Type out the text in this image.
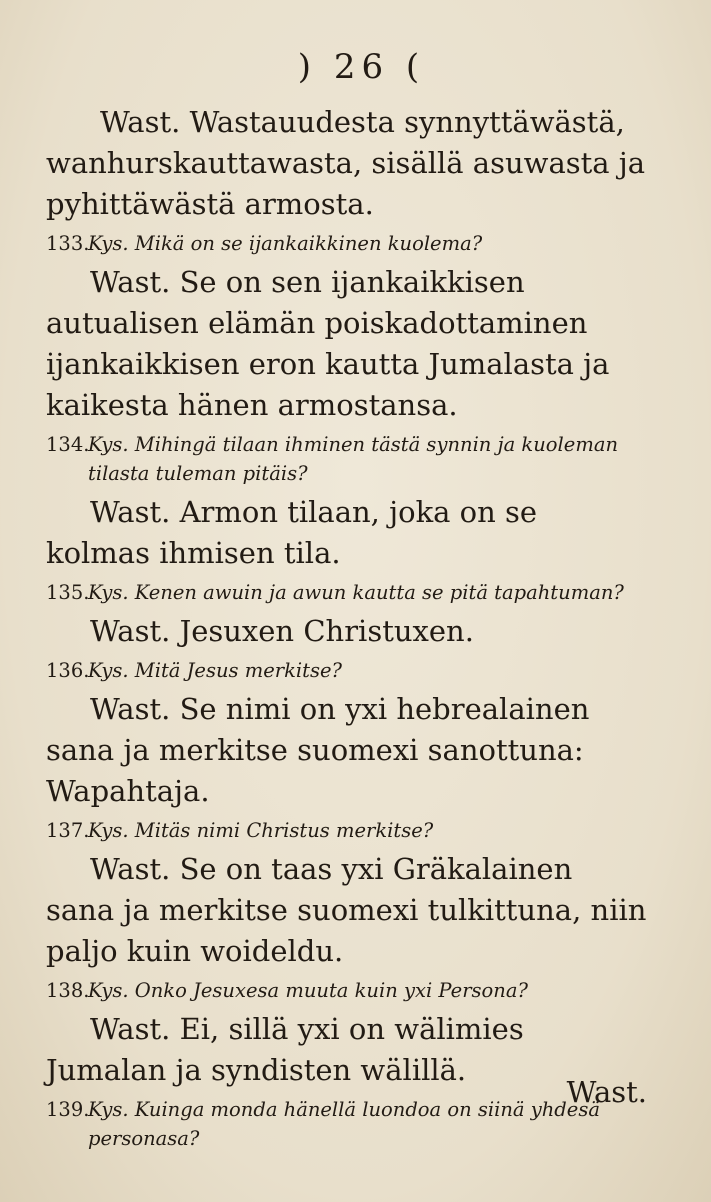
) 26 (
Wast. Wastauudesta synnyttäwästä, wanhurskauttawasta, sisällä asuwasta ja pyhittäwästä armosta.
133.
Kys. Mikä on se ijankaikkinen kuolema?
Wast. Se on sen ijankaikkisen autualisen elämän poiskadottaminen ijankaikkisen eron kautta Jumalasta ja kaikesta hänen armostansa.
134.
Kys. Mihingä tilaan ihminen tästä synnin ja kuoleman tilasta tuleman pitäis?
Wast. Armon tilaan, joka on se kolmas ihmisen tila.
135.
Kys. Kenen awuin ja awun kautta se pitä tapahtuman?
Wast. Jesuxen Christuxen.
136.
Kys. Mitä Jesus merkitse?
Wast. Se nimi on yxi hebrealainen sana ja merkitse suomexi sanottuna: Wapahtaja.
137.
Kys. Mitäs nimi Christus merkitse?
Wast. Se on taas yxi Gräkalainen sana ja merkitse suomexi tulkittuna, niin paljo kuin woideldu.
138.
Kys. Onko Jesuxesa muuta kuin yxi Persona?
Wast. Ei, sillä yxi on wälimies Jumalan ja syndisten wälillä.
139.
Kys. Kuinga monda hänellä luondoa on siinä yhdesä personasa?
Wast.
